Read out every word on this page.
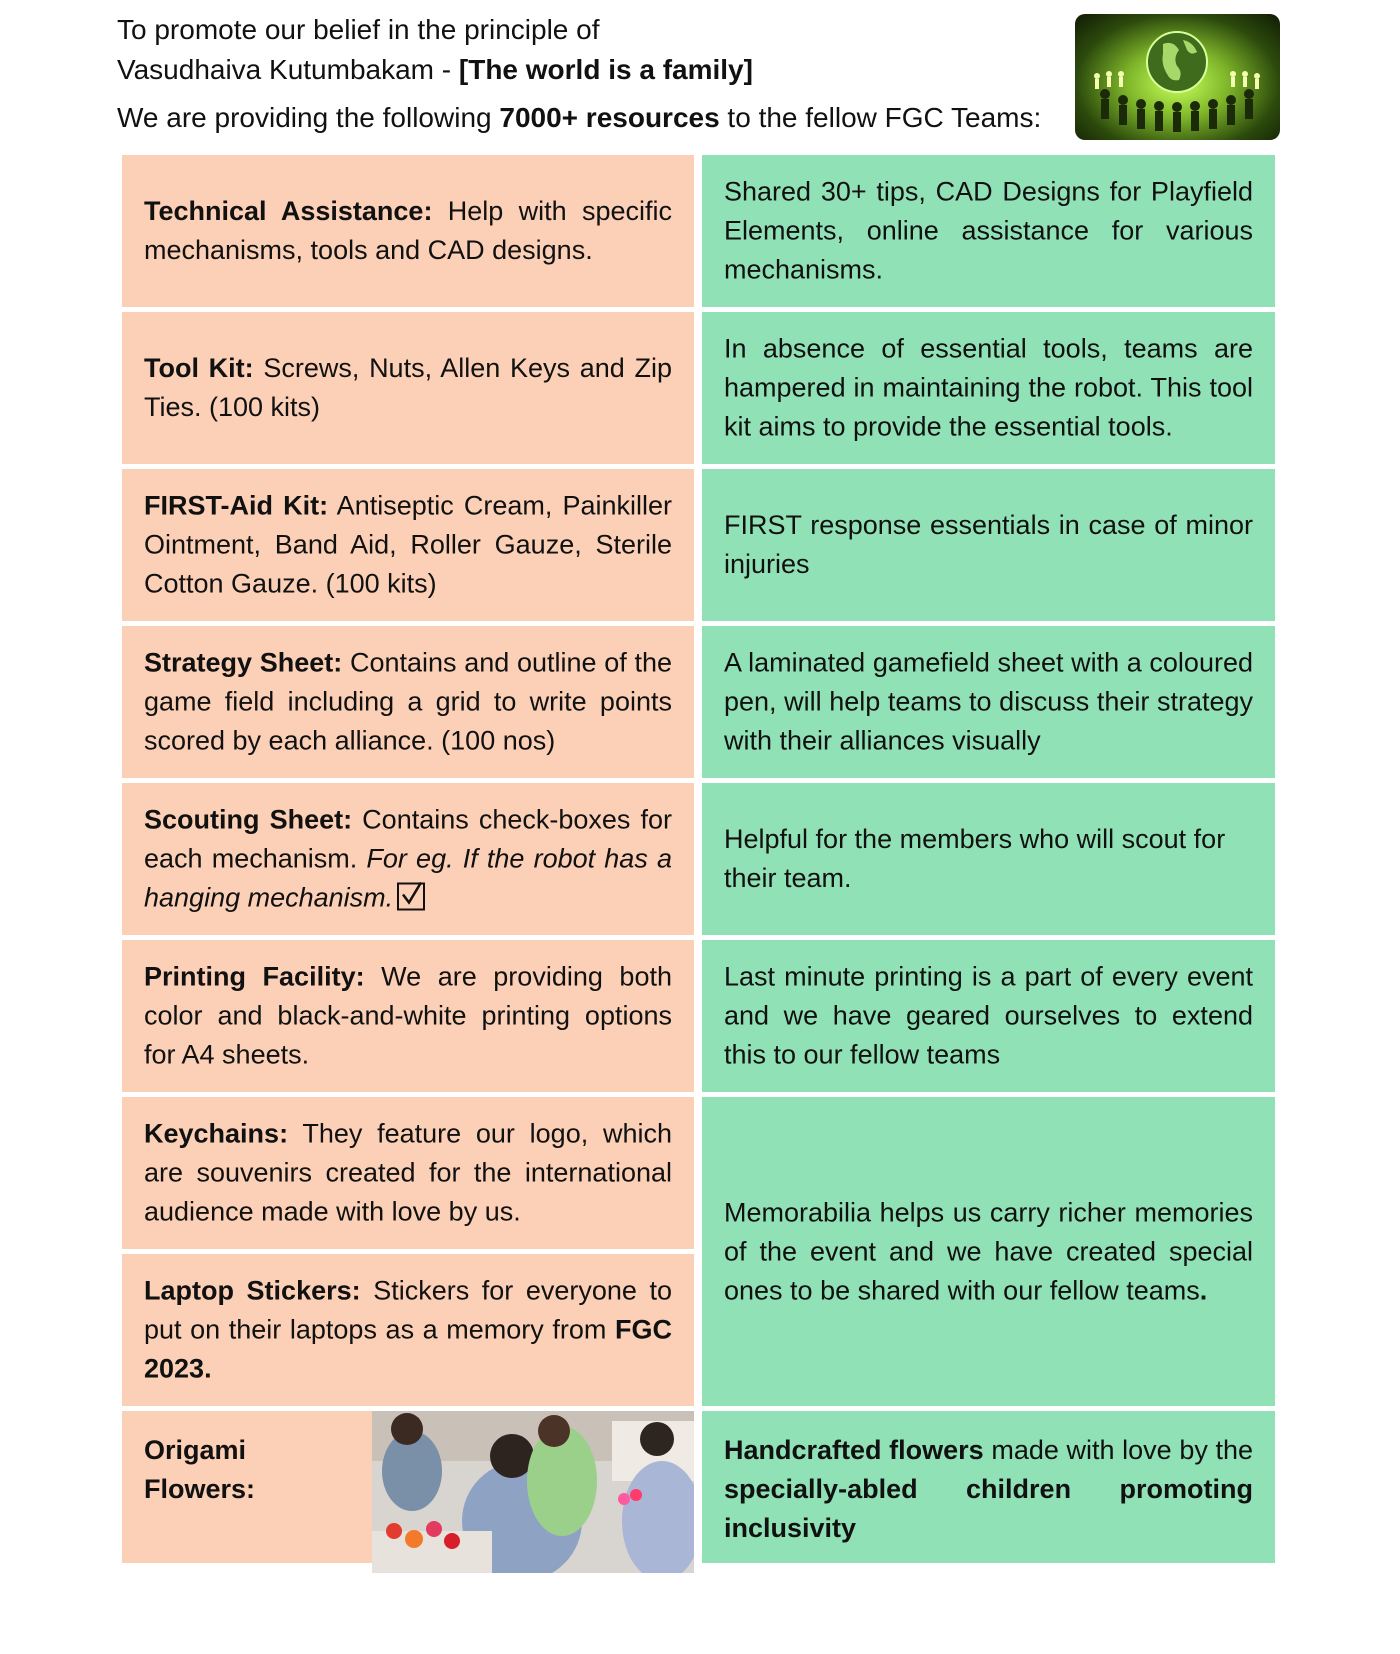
To promote our belief in the principle of
Vasudhaiva Kutumbakam - [The world is a family]
We are providing the following 7000+ resources to the fellow FGC Teams:
Technical Assistance: Help with specific mechanisms, tools and CAD designs.
Shared 30+ tips, CAD Designs for Playfield Elements, online assistance for various mechanisms.
Tool Kit: Screws, Nuts, Allen Keys and Zip Ties. (100 kits)
In absence of essential tools, teams are hampered in maintaining the robot. This tool kit aims to provide the essential tools.
FIRST-Aid Kit: Antiseptic Cream, Painkiller Ointment, Band Aid, Roller Gauze, Sterile Cotton Gauze. (100 kits)
FIRST response essentials in case of minor injuries
Strategy Sheet: Contains and outline of the game field including a grid to write points scored by each alliance. (100 nos)
A laminated gamefield sheet with a coloured pen, will help teams to discuss their strategy with their alliances visually
Scouting Sheet: Contains check-boxes for each mechanism. For eg. If the robot has a hanging mechanism.
Helpful for the members who will scout for their team.
Printing Facility: We are providing both color and black-and-white printing options for A4 sheets.
Last minute printing is a part of every event and we have geared ourselves to extend this to our fellow teams
Keychains: They feature our logo, which are souvenirs created for the international audience made with love by us.
Laptop Stickers: Stickers for everyone to put on their laptops as a memory from FGC 2023.
Memorabilia helps us carry richer memories of the event and we have created special ones to be shared with our fellow teams.
Origami Flowers:
Handcrafted flowers made with love by the specially-abled children promoting inclusivity
